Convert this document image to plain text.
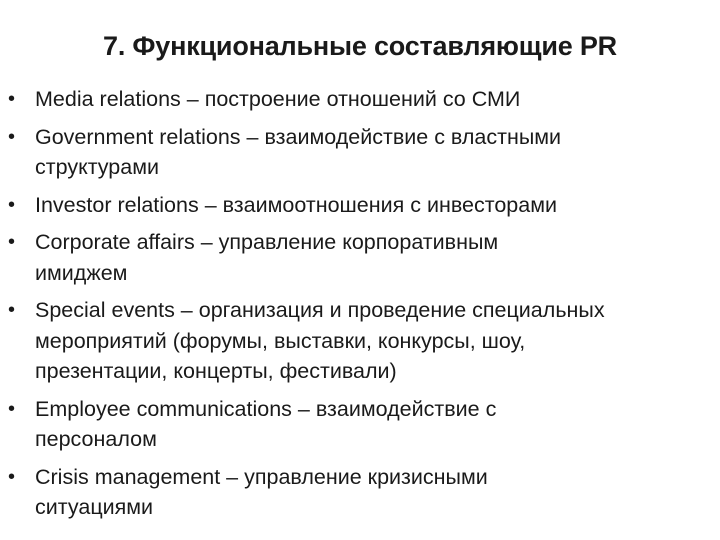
7. Функциональные составляющие PR
• Media relations – построение отношений со СМИ
• Government relations – взаимодействие с властными
структурами
• Investor relations – взаимоотношения с инвесторами
• Corporate affairs – управление корпоративным
имиджем
• Special events – организация и проведение специальных
мероприятий (форумы, выставки, конкурсы, шоу,
презентации, концерты, фестивали)
• Employee communications – взаимодействие с
персоналом
• Crisis management – управление кризисными
ситуациями
